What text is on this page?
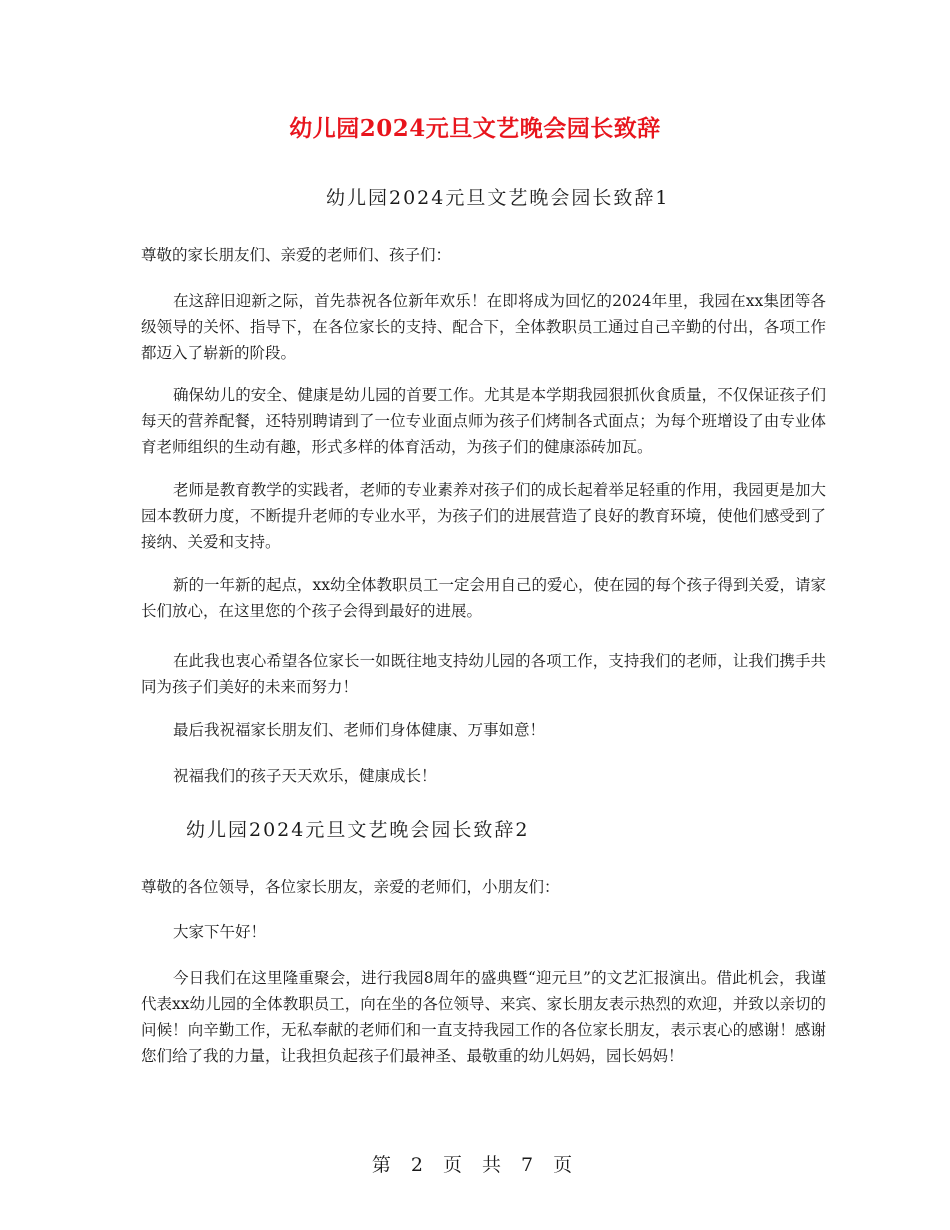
幼儿园2024元旦文艺晚会园长致辞
幼儿园2024元旦文艺晚会园长致辞1

尊敬的家长朋友们、亲爱的老师们、孩子们：

在这辞旧迎新之际，首先恭祝各位新年欢乐！在即将成为回忆的2024年里，我园在xx集团等各级领导的关怀、指导下，在各位家长的支持、配合下，全体教职员工通过自己辛勤的付出，各项工作都迈入了崭新的阶段。

确保幼儿的安全、健康是幼儿园的首要工作。尤其是本学期我园狠抓伙食质量，不仅保证孩子们每天的营养配餐，还特别聘请到了一位专业面点师为孩子们烤制各式面点；为每个班增设了由专业体育老师组织的生动有趣，形式多样的体育活动，为孩子们的健康添砖加瓦。

老师是教育教学的实践者，老师的专业素养对孩子们的成长起着举足轻重的作用，我园更是加大园本教研力度，不断提升老师的专业水平，为孩子们的进展营造了良好的教育环境，使他们感受到了接纳、关爱和支持。

新的一年新的起点，xx幼全体教职员工一定会用自己的爱心，使在园的每个孩子得到关爱，请家长们放心，在这里您的个孩子会得到最好的进展。

在此我也衷心希望各位家长一如既往地支持幼儿园的各项工作，支持我们的老师，让我们携手共同为孩子们美好的未来而努力！

最后我祝福家长朋友们、老师们身体健康、万事如意！

祝福我们的孩子天天欢乐，健康成长！

幼儿园2024元旦文艺晚会园长致辞2

尊敬的各位领导，各位家长朋友，亲爱的老师们，小朋友们：

大家下午好！

今日我们在这里隆重聚会，进行我园8周年的盛典暨“迎元旦”的文艺汇报演出。借此机会，我谨代表xx幼儿园的全体教职员工，向在坐的各位领导、来宾、家长朋友表示热烈的欢迎，并致以亲切的问候！向辛勤工作，无私奉献的老师们和一直支持我园工作的各位家长朋友，表示衷心的感谢！感谢您们给了我的力量，让我担负起孩子们最神圣、最敬重的幼儿妈妈，园长妈妈！

第 2 页 共 7 页
